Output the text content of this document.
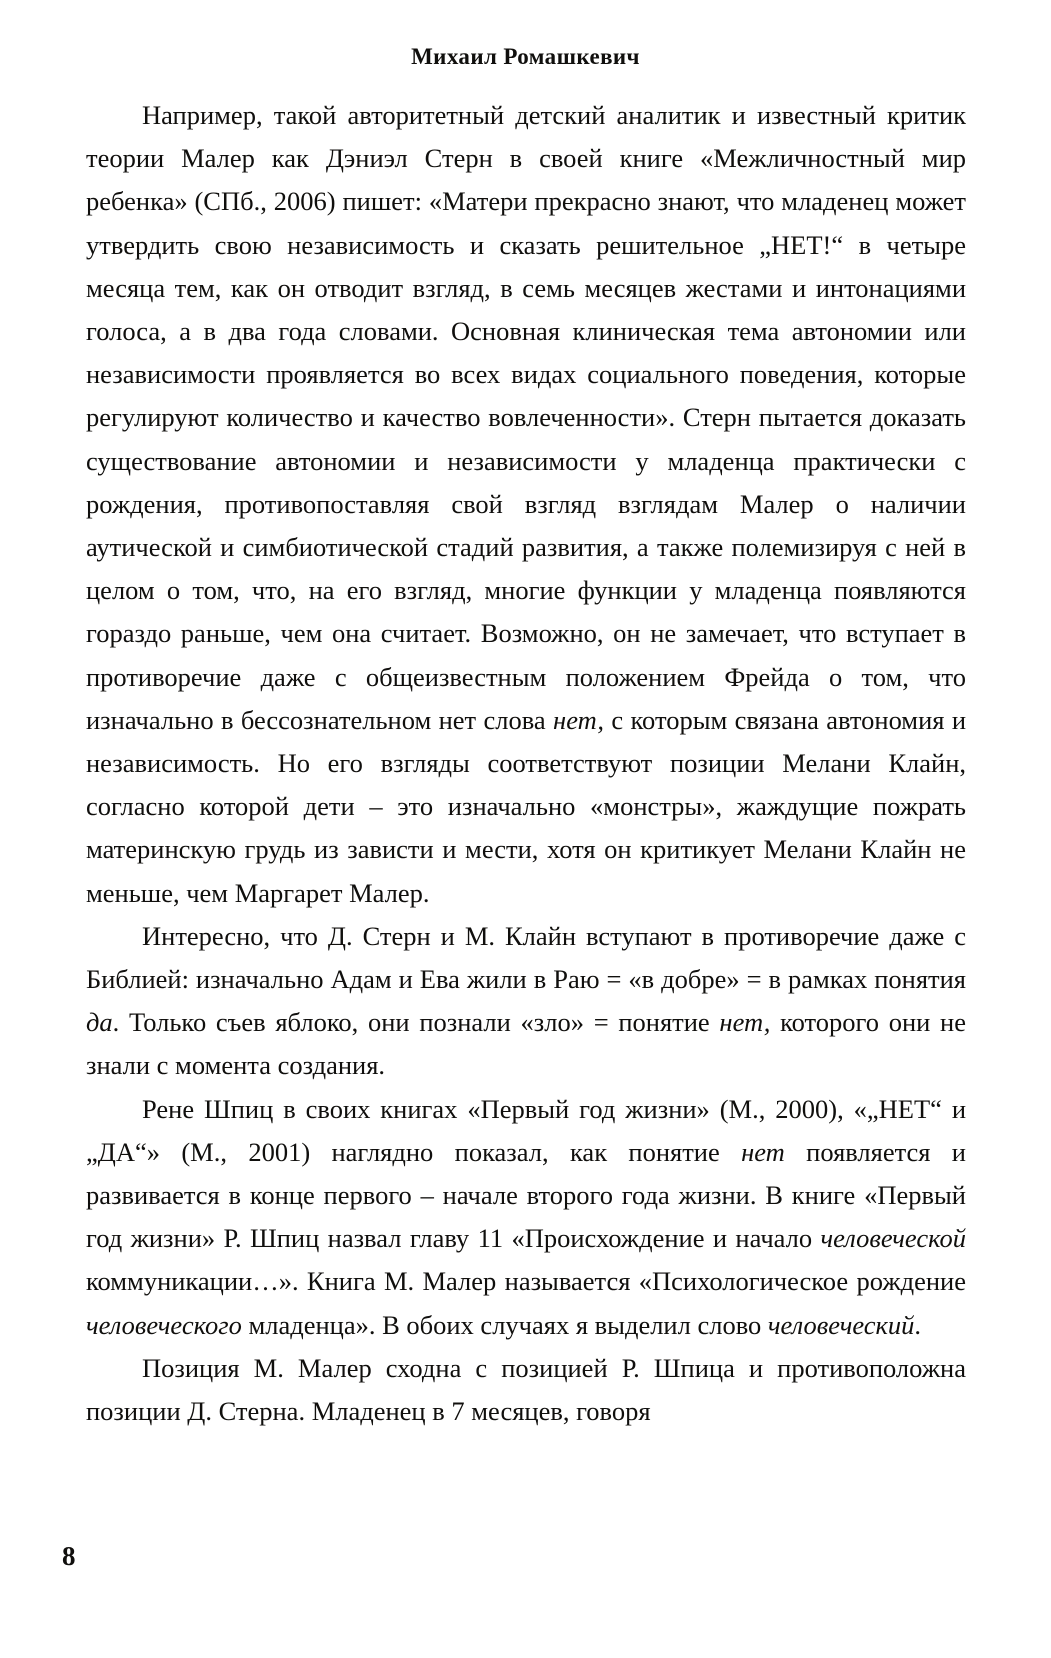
Михаил Ромашкевич

Например, такой авторитетный детский аналитик и известный критик теории Малер как Дэниэл Стерн в своей книге «Межличностный мир ребенка» (СПб., 2006) пишет: «Матери прекрасно знают, что младенец может утвердить свою независимость и сказать решительное „НЕТ!“ в четыре месяца тем, как он отводит взгляд, в семь месяцев жестами и интонациями голоса, а в два года словами. Основная клиническая тема автономии или независимости проявляется во всех видах социального поведения, которые регулируют количество и качество вовлеченности». Стерн пытается доказать существование автономии и независимости у младенца практически с рождения, противопоставляя свой взгляд взглядам Малер о наличии аутической и симбиотической стадий развития, а также полемизируя с ней в целом о том, что, на его взгляд, многие функции у младенца появляются гораздо раньше, чем она считает. Возможно, он не замечает, что вступает в противоречие даже с общеизвестным положением Фрейда о том, что изначально в бессознательном нет слова нет, с которым связана автономия и независимость. Но его взгляды соответствуют позиции Мелани Клайн, согласно которой дети – это изначально «монстры», жаждущие пожрать материнскую грудь из зависти и мести, хотя он критикует Мелани Клайн не меньше, чем Маргарет Малер.

Интересно, что Д. Стерн и М. Клайн вступают в противоречие даже с Библией: изначально Адам и Ева жили в Раю = «в добре» = в рамках понятия да. Только съев яблоко, они познали «зло» = понятие нет, которого они не знали с момента создания.

Рене Шпиц в своих книгах «Первый год жизни» (М., 2000), «„НЕТ“ и „ДА“» (М., 2001) наглядно показал, как понятие нет появляется и развивается в конце первого – начале второго года жизни. В книге «Первый год жизни» Р. Шпиц назвал главу 11 «Происхождение и начало человеческой коммуникации…». Книга М. Малер называется «Психологическое рождение человеческого младенца». В обоих случаях я выделил слово человеческий.

Позиция М. Малер сходна с позицией Р. Шпица и противоположна позиции Д. Стерна. Младенец в 7 месяцев, говоря

8
